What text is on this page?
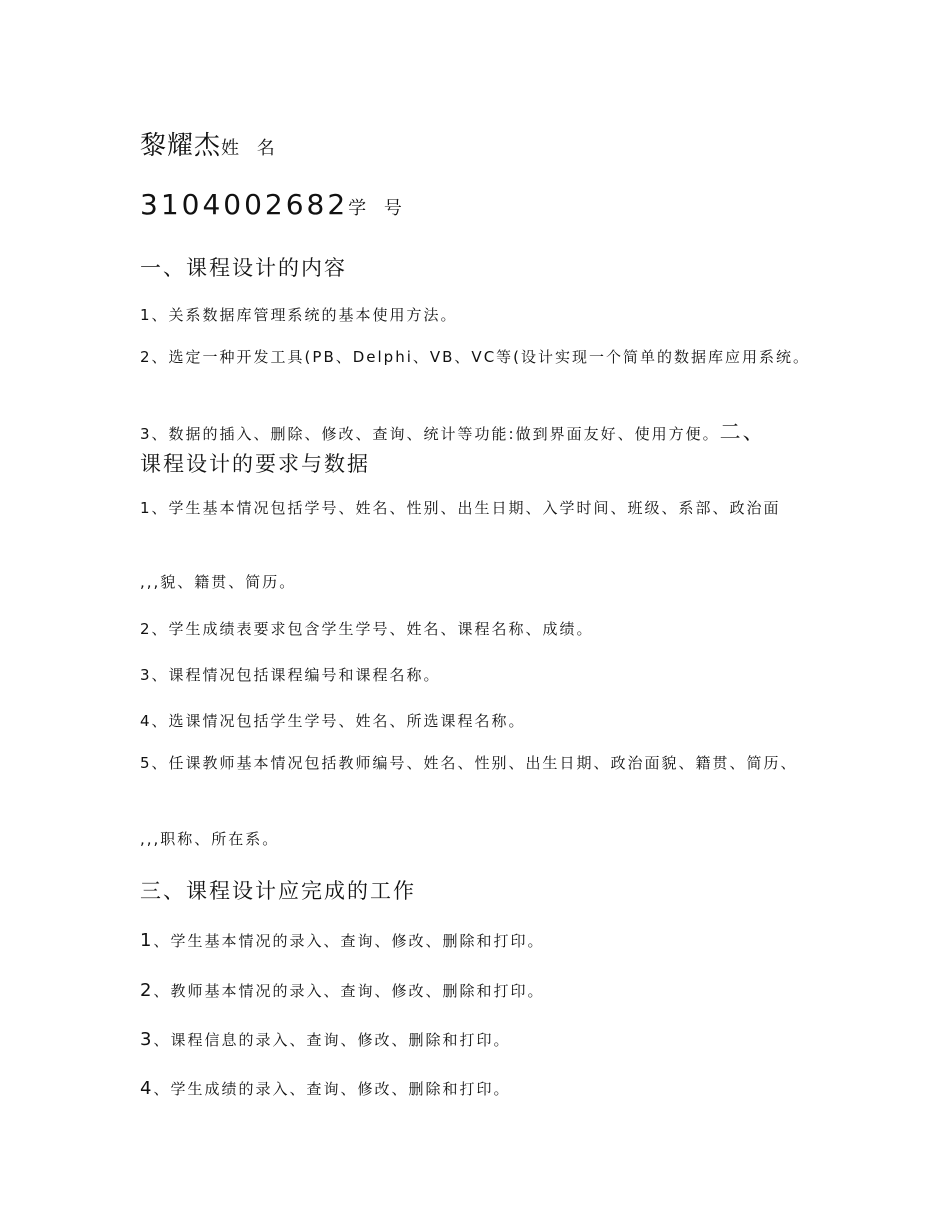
黎耀杰姓 名
3104002682学 号
一、课程设计的内容
1、关系数据库管理系统的基本使用方法。
2、选定一种开发工具(PB、Delphi、VB、VC等(设计实现一个简单的数据库应用系统。
3、数据的插入、删除、修改、查询、统计等功能:做到界面友好、使用方便。二、
课程设计的要求与数据
1、学生基本情况包括学号、姓名、性别、出生日期、入学时间、班级、系部、政治面
,,,貌、籍贯、简历。
2、学生成绩表要求包含学生学号、姓名、课程名称、成绩。
3、课程情况包括课程编号和课程名称。
4、选课情况包括学生学号、姓名、所选课程名称。
5、任课教师基本情况包括教师编号、姓名、性别、出生日期、政治面貌、籍贯、简历、
,,,职称、所在系。
三、课程设计应完成的工作
1、学生基本情况的录入、查询、修改、删除和打印。
2、教师基本情况的录入、查询、修改、删除和打印。
3、课程信息的录入、查询、修改、删除和打印。
4、学生成绩的录入、查询、修改、删除和打印。
